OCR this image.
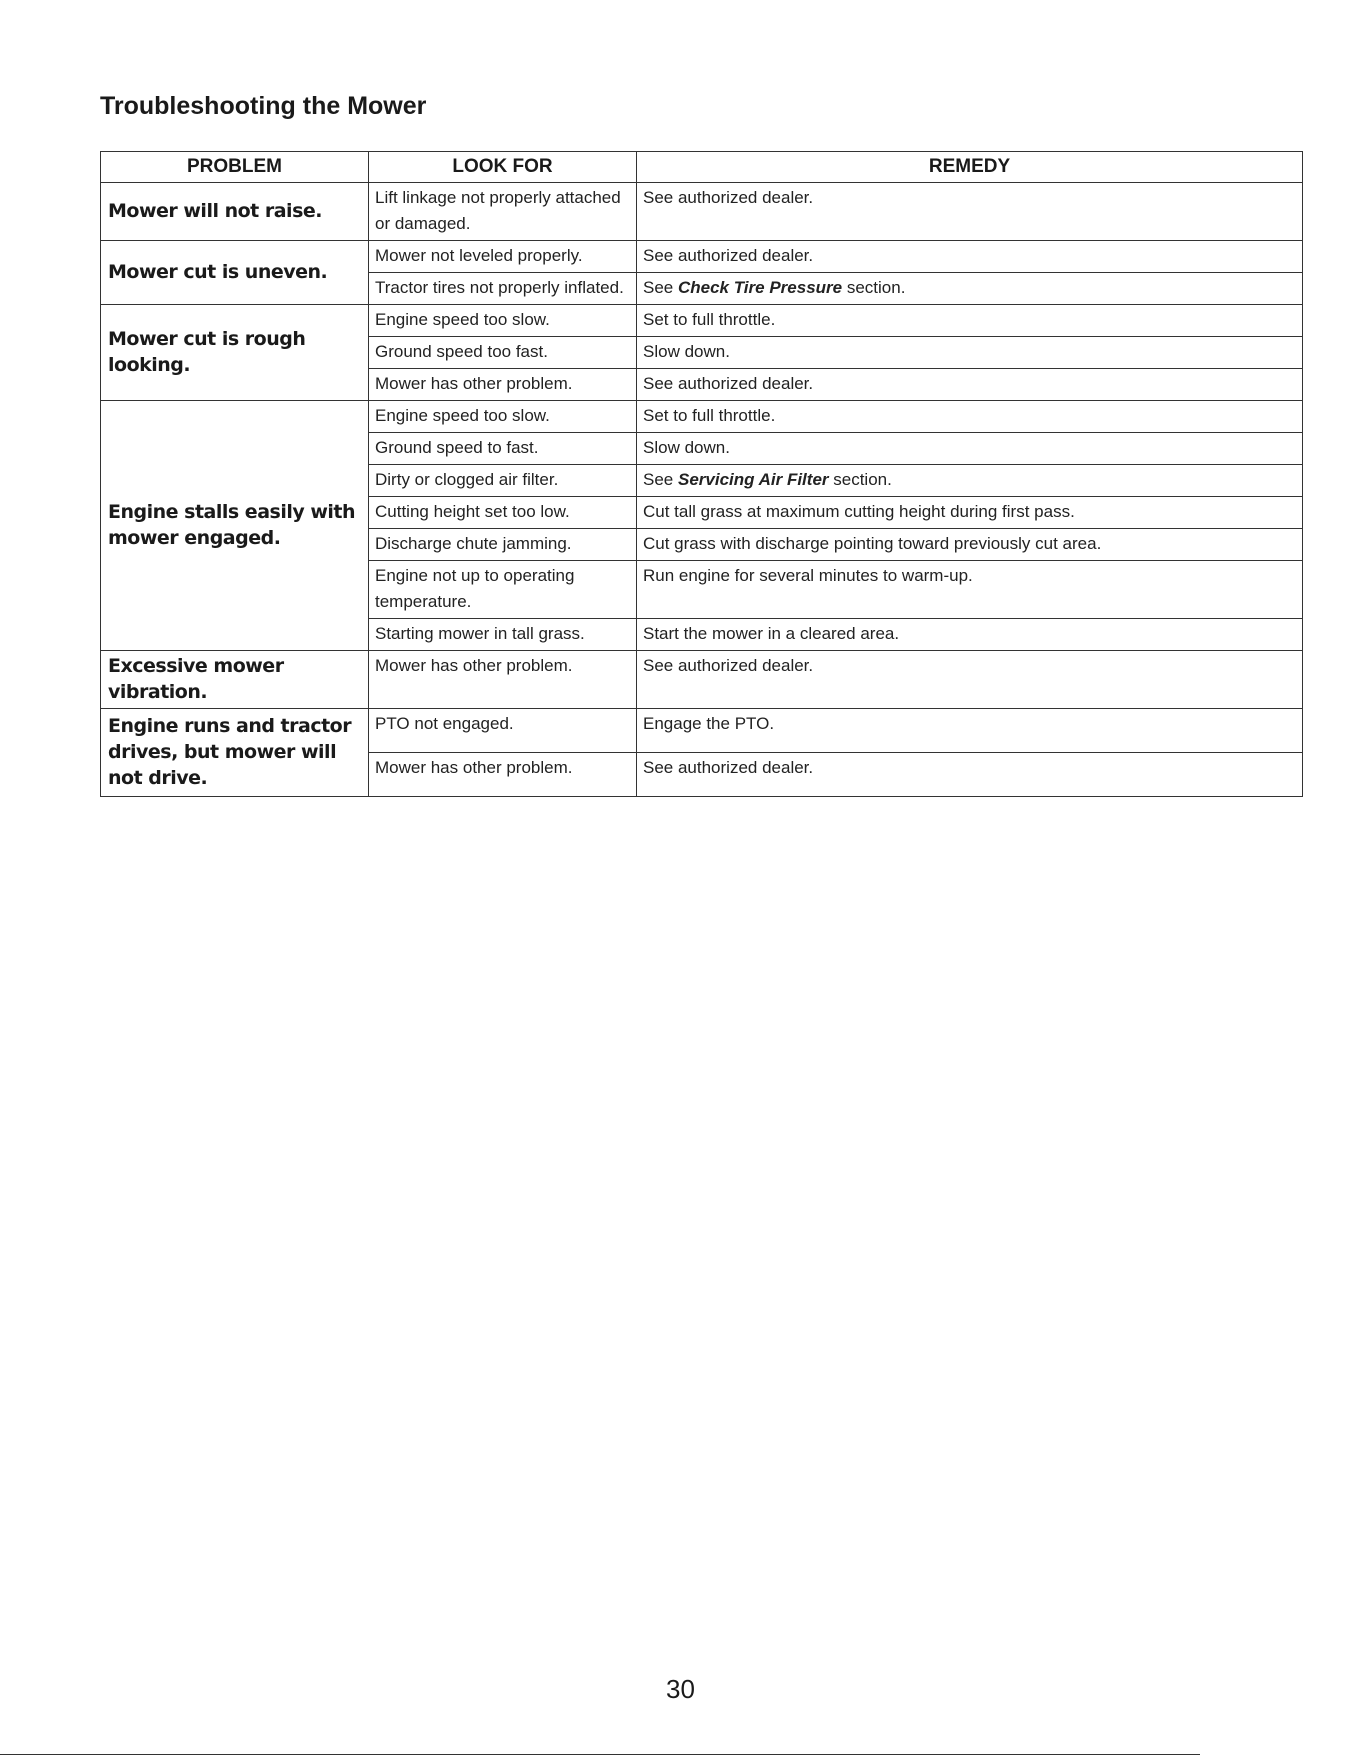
Troubleshooting the Mower
PROBLEM	LOOK FOR	REMEDY
Mower will not raise.	Lift linkage not properly attached or damaged.	See authorized dealer.
Mower cut is uneven.	Mower not leveled properly.	See authorized dealer.
	Tractor tires not properly inflated.	See Check Tire Pressure section.
Mower cut is rough looking.	Engine speed too slow.	Set to full throttle.
	Ground speed too fast.	Slow down.
	Mower has other problem.	See authorized dealer.
Engine stalls easily with mower engaged.	Engine speed too slow.	Set to full throttle.
	Ground speed to fast.	Slow down.
	Dirty or clogged air filter.	See Servicing Air Filter section.
	Cutting height set too low.	Cut tall grass at maximum cutting height during first pass.
	Discharge chute jamming.	Cut grass with discharge pointing toward previously cut area.
	Engine not up to operating temperature.	Run engine for several minutes to warm-up.
	Starting mower in tall grass.	Start the mower in a cleared area.
Excessive mower vibration.	Mower has other problem.	See authorized dealer.
Engine runs and tractor drives, but mower will not drive.	PTO not engaged.	Engage the PTO.
	Mower has other problem.	See authorized dealer.
30
